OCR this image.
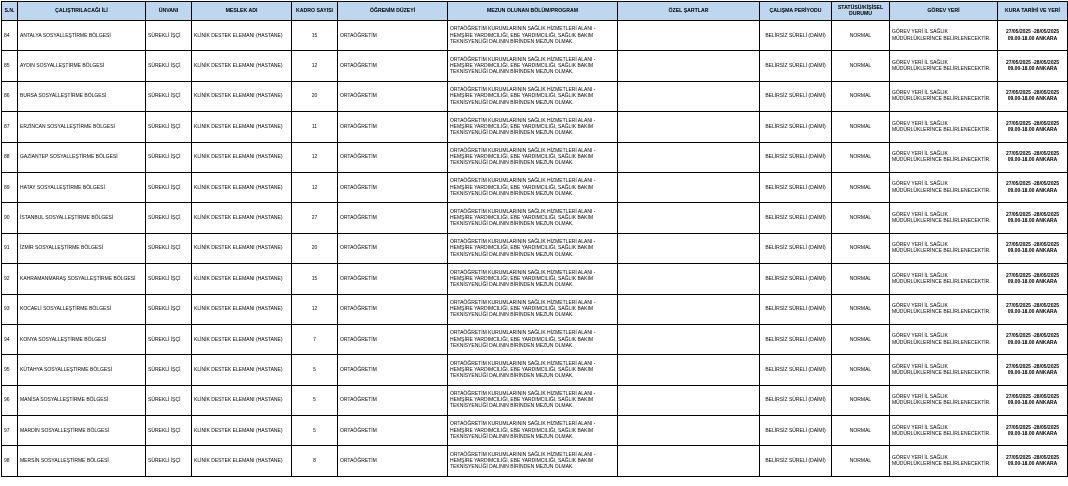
S.N.	ÇALIŞTIRILACAĞI İLİ	ÜNVANI	MESLEK ADI	KADRO SAYISI	ÖĞRENİM DÜZEYİ	MEZUN OLUNAN BÖLÜM/PROGRAM	ÖZEL ŞARTLAR	ÇALIŞMA PERİYODU	STATÜSÜ/KİŞİSEL DURUMU	GÖREV YERİ	KURA TARİHİ VE YERİ
84	ANTALYA SOSYALLEŞTİRME BÖLGESİ	SÜREKLİ İŞÇİ	KLİNİK DESTEK ELEMANI (HASTANE)	15	ORTAÖĞRETİM	ORTAÖĞRETİM KURUMLARININ SAĞLIK HİZMETLERİ ALANI - HEMŞİRE YARDIMCILIĞI, EBE YARDIMCILIĞI, SAĞLIK BAKIM TEKNİSYENLİĞİ DALININ BİRİNDEN MEZUN OLMAK.		BELİRSİZ SÜRELİ (DAİMİ)	NORMAL	GÖREV YERİ İL SAĞLIK MÜDÜRLÜKLERİNCE BELİRLENECEKTİR.	27/05/2025 -28/05/2025 09.00-18.00 ANKARA
85	AYDIN SOSYALLEŞTİRME BÖLGESİ	SÜREKLİ İŞÇİ	KLİNİK DESTEK ELEMANI (HASTANE)	12	ORTAÖĞRETİM	ORTAÖĞRETİM KURUMLARININ SAĞLIK HİZMETLERİ ALANI - HEMŞİRE YARDIMCILIĞI, EBE YARDIMCILIĞI, SAĞLIK BAKIM TEKNİSYENLİĞİ DALININ BİRİNDEN MEZUN OLMAK.		BELİRSİZ SÜRELİ (DAİMİ)	NORMAL	GÖREV YERİ İL SAĞLIK MÜDÜRLÜKLERİNCE BELİRLENECEKTİR.	27/05/2025 -28/05/2025 09.00-18.00 ANKARA
86	BURSA SOSYALLEŞTİRME BÖLGESİ	SÜREKLİ İŞÇİ	KLİNİK DESTEK ELEMANI (HASTANE)	20	ORTAÖĞRETİM	ORTAÖĞRETİM KURUMLARININ SAĞLIK HİZMETLERİ ALANI - HEMŞİRE YARDIMCILIĞI, EBE YARDIMCILIĞI, SAĞLIK BAKIM TEKNİSYENLİĞİ DALININ BİRİNDEN MEZUN OLMAK.		BELİRSİZ SÜRELİ (DAİMİ)	NORMAL	GÖREV YERİ İL SAĞLIK MÜDÜRLÜKLERİNCE BELİRLENECEKTİR.	27/05/2025 -28/05/2025 09.00-18.00 ANKARA
87	ERZİNCAN SOSYALLEŞTİRME BÖLGESİ	SÜREKLİ İŞÇİ	KLİNİK DESTEK ELEMANI (HASTANE)	11	ORTAÖĞRETİM	ORTAÖĞRETİM KURUMLARININ SAĞLIK HİZMETLERİ ALANI - HEMŞİRE YARDIMCILIĞI, EBE YARDIMCILIĞI, SAĞLIK BAKIM TEKNİSYENLİĞİ DALININ BİRİNDEN MEZUN OLMAK.		BELİRSİZ SÜRELİ (DAİMİ)	NORMAL	GÖREV YERİ İL SAĞLIK MÜDÜRLÜKLERİNCE BELİRLENECEKTİR.	27/05/2025 -28/05/2025 09.00-18.00 ANKARA
88	GAZİANTEP SOSYALLEŞTİRME BÖLGESİ	SÜREKLİ İŞÇİ	KLİNİK DESTEK ELEMANI (HASTANE)	12	ORTAÖĞRETİM	ORTAÖĞRETİM KURUMLARININ SAĞLIK HİZMETLERİ ALANI - HEMŞİRE YARDIMCILIĞI, EBE YARDIMCILIĞI, SAĞLIK BAKIM TEKNİSYENLİĞİ DALININ BİRİNDEN MEZUN OLMAK.		BELİRSİZ SÜRELİ (DAİMİ)	NORMAL	GÖREV YERİ İL SAĞLIK MÜDÜRLÜKLERİNCE BELİRLENECEKTİR.	27/05/2025 -28/05/2025 09.00-18.00 ANKARA
89	HATAY SOSYALLEŞTİRME BÖLGESİ	SÜREKLİ İŞÇİ	KLİNİK DESTEK ELEMANI (HASTANE)	12	ORTAÖĞRETİM	ORTAÖĞRETİM KURUMLARININ SAĞLIK HİZMETLERİ ALANI - HEMŞİRE YARDIMCILIĞI, EBE YARDIMCILIĞI, SAĞLIK BAKIM TEKNİSYENLİĞİ DALININ BİRİNDEN MEZUN OLMAK.		BELİRSİZ SÜRELİ (DAİMİ)	NORMAL	GÖREV YERİ İL SAĞLIK MÜDÜRLÜKLERİNCE BELİRLENECEKTİR.	27/05/2025 -28/05/2025 09.00-18.00 ANKARA
90	İSTANBUL SOSYALLEŞTİRME BÖLGESİ	SÜREKLİ İŞÇİ	KLİNİK DESTEK ELEMANI (HASTANE)	27	ORTAÖĞRETİM	ORTAÖĞRETİM KURUMLARININ SAĞLIK HİZMETLERİ ALANI - HEMŞİRE YARDIMCILIĞI, EBE YARDIMCILIĞI, SAĞLIK BAKIM TEKNİSYENLİĞİ DALININ BİRİNDEN MEZUN OLMAK.		BELİRSİZ SÜRELİ (DAİMİ)	NORMAL	GÖREV YERİ İL SAĞLIK MÜDÜRLÜKLERİNCE BELİRLENECEKTİR.	27/05/2025 -28/05/2025 09.00-18.00 ANKARA
91	İZMİR SOSYALLEŞTİRME BÖLGESİ	SÜREKLİ İŞÇİ	KLİNİK DESTEK ELEMANI (HASTANE)	20	ORTAÖĞRETİM	ORTAÖĞRETİM KURUMLARININ SAĞLIK HİZMETLERİ ALANI - HEMŞİRE YARDIMCILIĞI, EBE YARDIMCILIĞI, SAĞLIK BAKIM TEKNİSYENLİĞİ DALININ BİRİNDEN MEZUN OLMAK.		BELİRSİZ SÜRELİ (DAİMİ)	NORMAL	GÖREV YERİ İL SAĞLIK MÜDÜRLÜKLERİNCE BELİRLENECEKTİR.	27/05/2025 -28/05/2025 09.00-18.00 ANKARA
92	KAHRAMANMARAŞ SOSYALLEŞTİRME BÖLGESİ	SÜREKLİ İŞÇİ	KLİNİK DESTEK ELEMANI (HASTANE)	15	ORTAÖĞRETİM	ORTAÖĞRETİM KURUMLARININ SAĞLIK HİZMETLERİ ALANI - HEMŞİRE YARDIMCILIĞI, EBE YARDIMCILIĞI, SAĞLIK BAKIM TEKNİSYENLİĞİ DALININ BİRİNDEN MEZUN OLMAK.		BELİRSİZ SÜRELİ (DAİMİ)	NORMAL	GÖREV YERİ İL SAĞLIK MÜDÜRLÜKLERİNCE BELİRLENECEKTİR.	27/05/2025 -28/05/2025 09.00-18.00 ANKARA
93	KOCAELİ SOSYALLEŞTİRME BÖLGESİ	SÜREKLİ İŞÇİ	KLİNİK DESTEK ELEMANI (HASTANE)	12	ORTAÖĞRETİM	ORTAÖĞRETİM KURUMLARININ SAĞLIK HİZMETLERİ ALANI - HEMŞİRE YARDIMCILIĞI, EBE YARDIMCILIĞI, SAĞLIK BAKIM TEKNİSYENLİĞİ DALININ BİRİNDEN MEZUN OLMAK.		BELİRSİZ SÜRELİ (DAİMİ)	NORMAL	GÖREV YERİ İL SAĞLIK MÜDÜRLÜKLERİNCE BELİRLENECEKTİR.	27/05/2025 -28/05/2025 09.00-18.00 ANKARA
94	KONYA SOSYALLEŞTİRME BÖLGESİ	SÜREKLİ İŞÇİ	KLİNİK DESTEK ELEMANI (HASTANE)	7	ORTAÖĞRETİM	ORTAÖĞRETİM KURUMLARININ SAĞLIK HİZMETLERİ ALANI - HEMŞİRE YARDIMCILIĞI, EBE YARDIMCILIĞI, SAĞLIK BAKIM TEKNİSYENLİĞİ DALININ BİRİNDEN MEZUN OLMAK.		BELİRSİZ SÜRELİ (DAİMİ)	NORMAL	GÖREV YERİ İL SAĞLIK MÜDÜRLÜKLERİNCE BELİRLENECEKTİR.	27/05/2025 -28/05/2025 09.00-18.00 ANKARA
95	KÜTAHYA SOSYALLEŞTİRME BÖLGESİ	SÜREKLİ İŞÇİ	KLİNİK DESTEK ELEMANI (HASTANE)	5	ORTAÖĞRETİM	ORTAÖĞRETİM KURUMLARININ SAĞLIK HİZMETLERİ ALANI - HEMŞİRE YARDIMCILIĞI, EBE YARDIMCILIĞI, SAĞLIK BAKIM TEKNİSYENLİĞİ DALININ BİRİNDEN MEZUN OLMAK.		BELİRSİZ SÜRELİ (DAİMİ)	NORMAL	GÖREV YERİ İL SAĞLIK MÜDÜRLÜKLERİNCE BELİRLENECEKTİR.	27/05/2025 -28/05/2025 09.00-18.00 ANKARA
96	MANİSA SOSYALLEŞTİRME BÖLGESİ	SÜREKLİ İŞÇİ	KLİNİK DESTEK ELEMANI (HASTANE)	5	ORTAÖĞRETİM	ORTAÖĞRETİM KURUMLARININ SAĞLIK HİZMETLERİ ALANI - HEMŞİRE YARDIMCILIĞI, EBE YARDIMCILIĞI, SAĞLIK BAKIM TEKNİSYENLİĞİ DALININ BİRİNDEN MEZUN OLMAK.		BELİRSİZ SÜRELİ (DAİMİ)	NORMAL	GÖREV YERİ İL SAĞLIK MÜDÜRLÜKLERİNCE BELİRLENECEKTİR.	27/05/2025 -28/05/2025 09.00-18.00 ANKARA
97	MARDİN SOSYALLEŞTİRME BÖLGESİ	SÜREKLİ İŞÇİ	KLİNİK DESTEK ELEMANI (HASTANE)	5	ORTAÖĞRETİM	ORTAÖĞRETİM KURUMLARININ SAĞLIK HİZMETLERİ ALANI - HEMŞİRE YARDIMCILIĞI, EBE YARDIMCILIĞI, SAĞLIK BAKIM TEKNİSYENLİĞİ DALININ BİRİNDEN MEZUN OLMAK.		BELİRSİZ SÜRELİ (DAİMİ)	NORMAL	GÖREV YERİ İL SAĞLIK MÜDÜRLÜKLERİNCE BELİRLENECEKTİR.	27/05/2025 -28/05/2025 09.00-18.00 ANKARA
98	MERSİN SOSYALLEŞTİRME BÖLGESİ	SÜREKLİ İŞÇİ	KLİNİK DESTEK ELEMANI (HASTANE)	8	ORTAÖĞRETİM	ORTAÖĞRETİM KURUMLARININ SAĞLIK HİZMETLERİ ALANI - HEMŞİRE YARDIMCILIĞI, EBE YARDIMCILIĞI, SAĞLIK BAKIM TEKNİSYENLİĞİ DALININ BİRİNDEN MEZUN OLMAK.		BELİRSİZ SÜRELİ (DAİMİ)	NORMAL	GÖREV YERİ İL SAĞLIK MÜDÜRLÜKLERİNCE BELİRLENECEKTİR.	27/05/2025 -28/05/2025 09.00-18.00 ANKARA
